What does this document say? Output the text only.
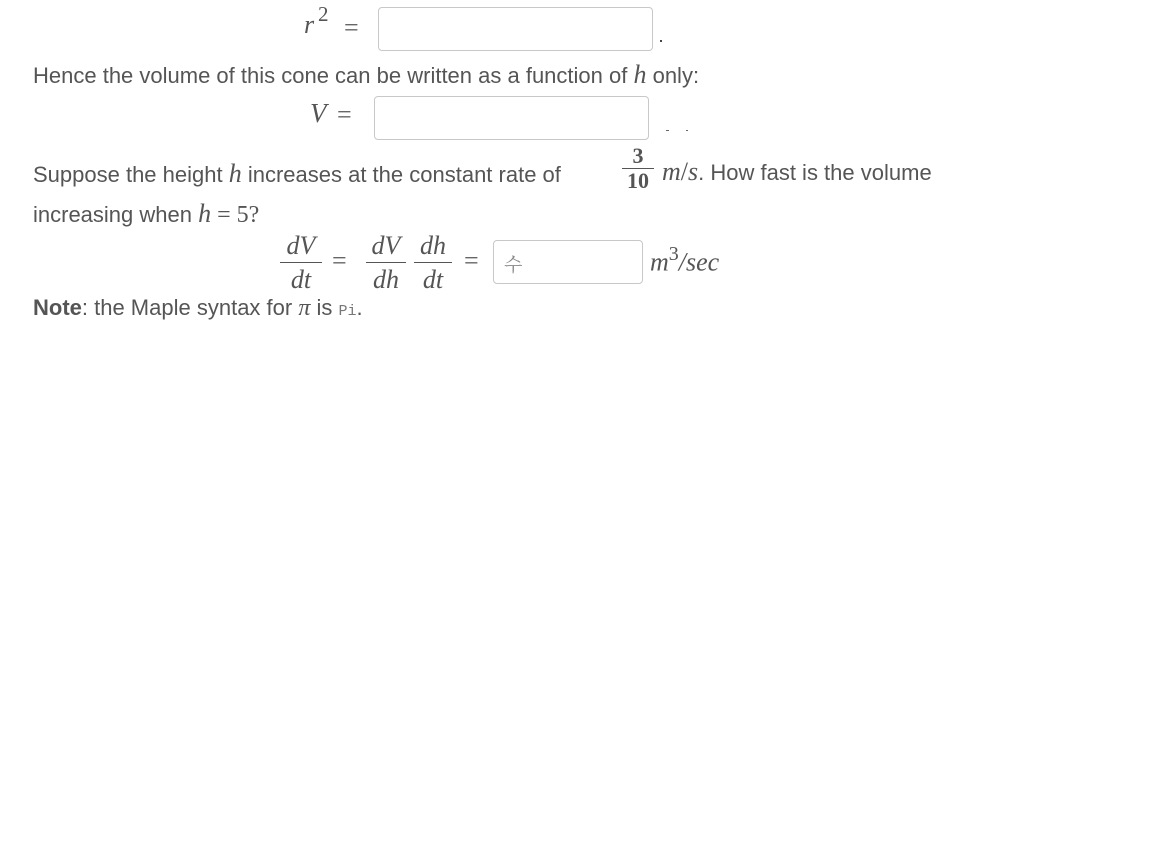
r 2 =
Hence the volume of this cone can be written as a function of h only:
V =
Suppose the height h increases at the constant rate of
3
10 m/s. How fast is the volume
increasing when h = 5?
dV
dt
=
dV
dh
dh
dt
= 수	$m^3/\sec$
Note: the Maple syntax for π is Pi.
